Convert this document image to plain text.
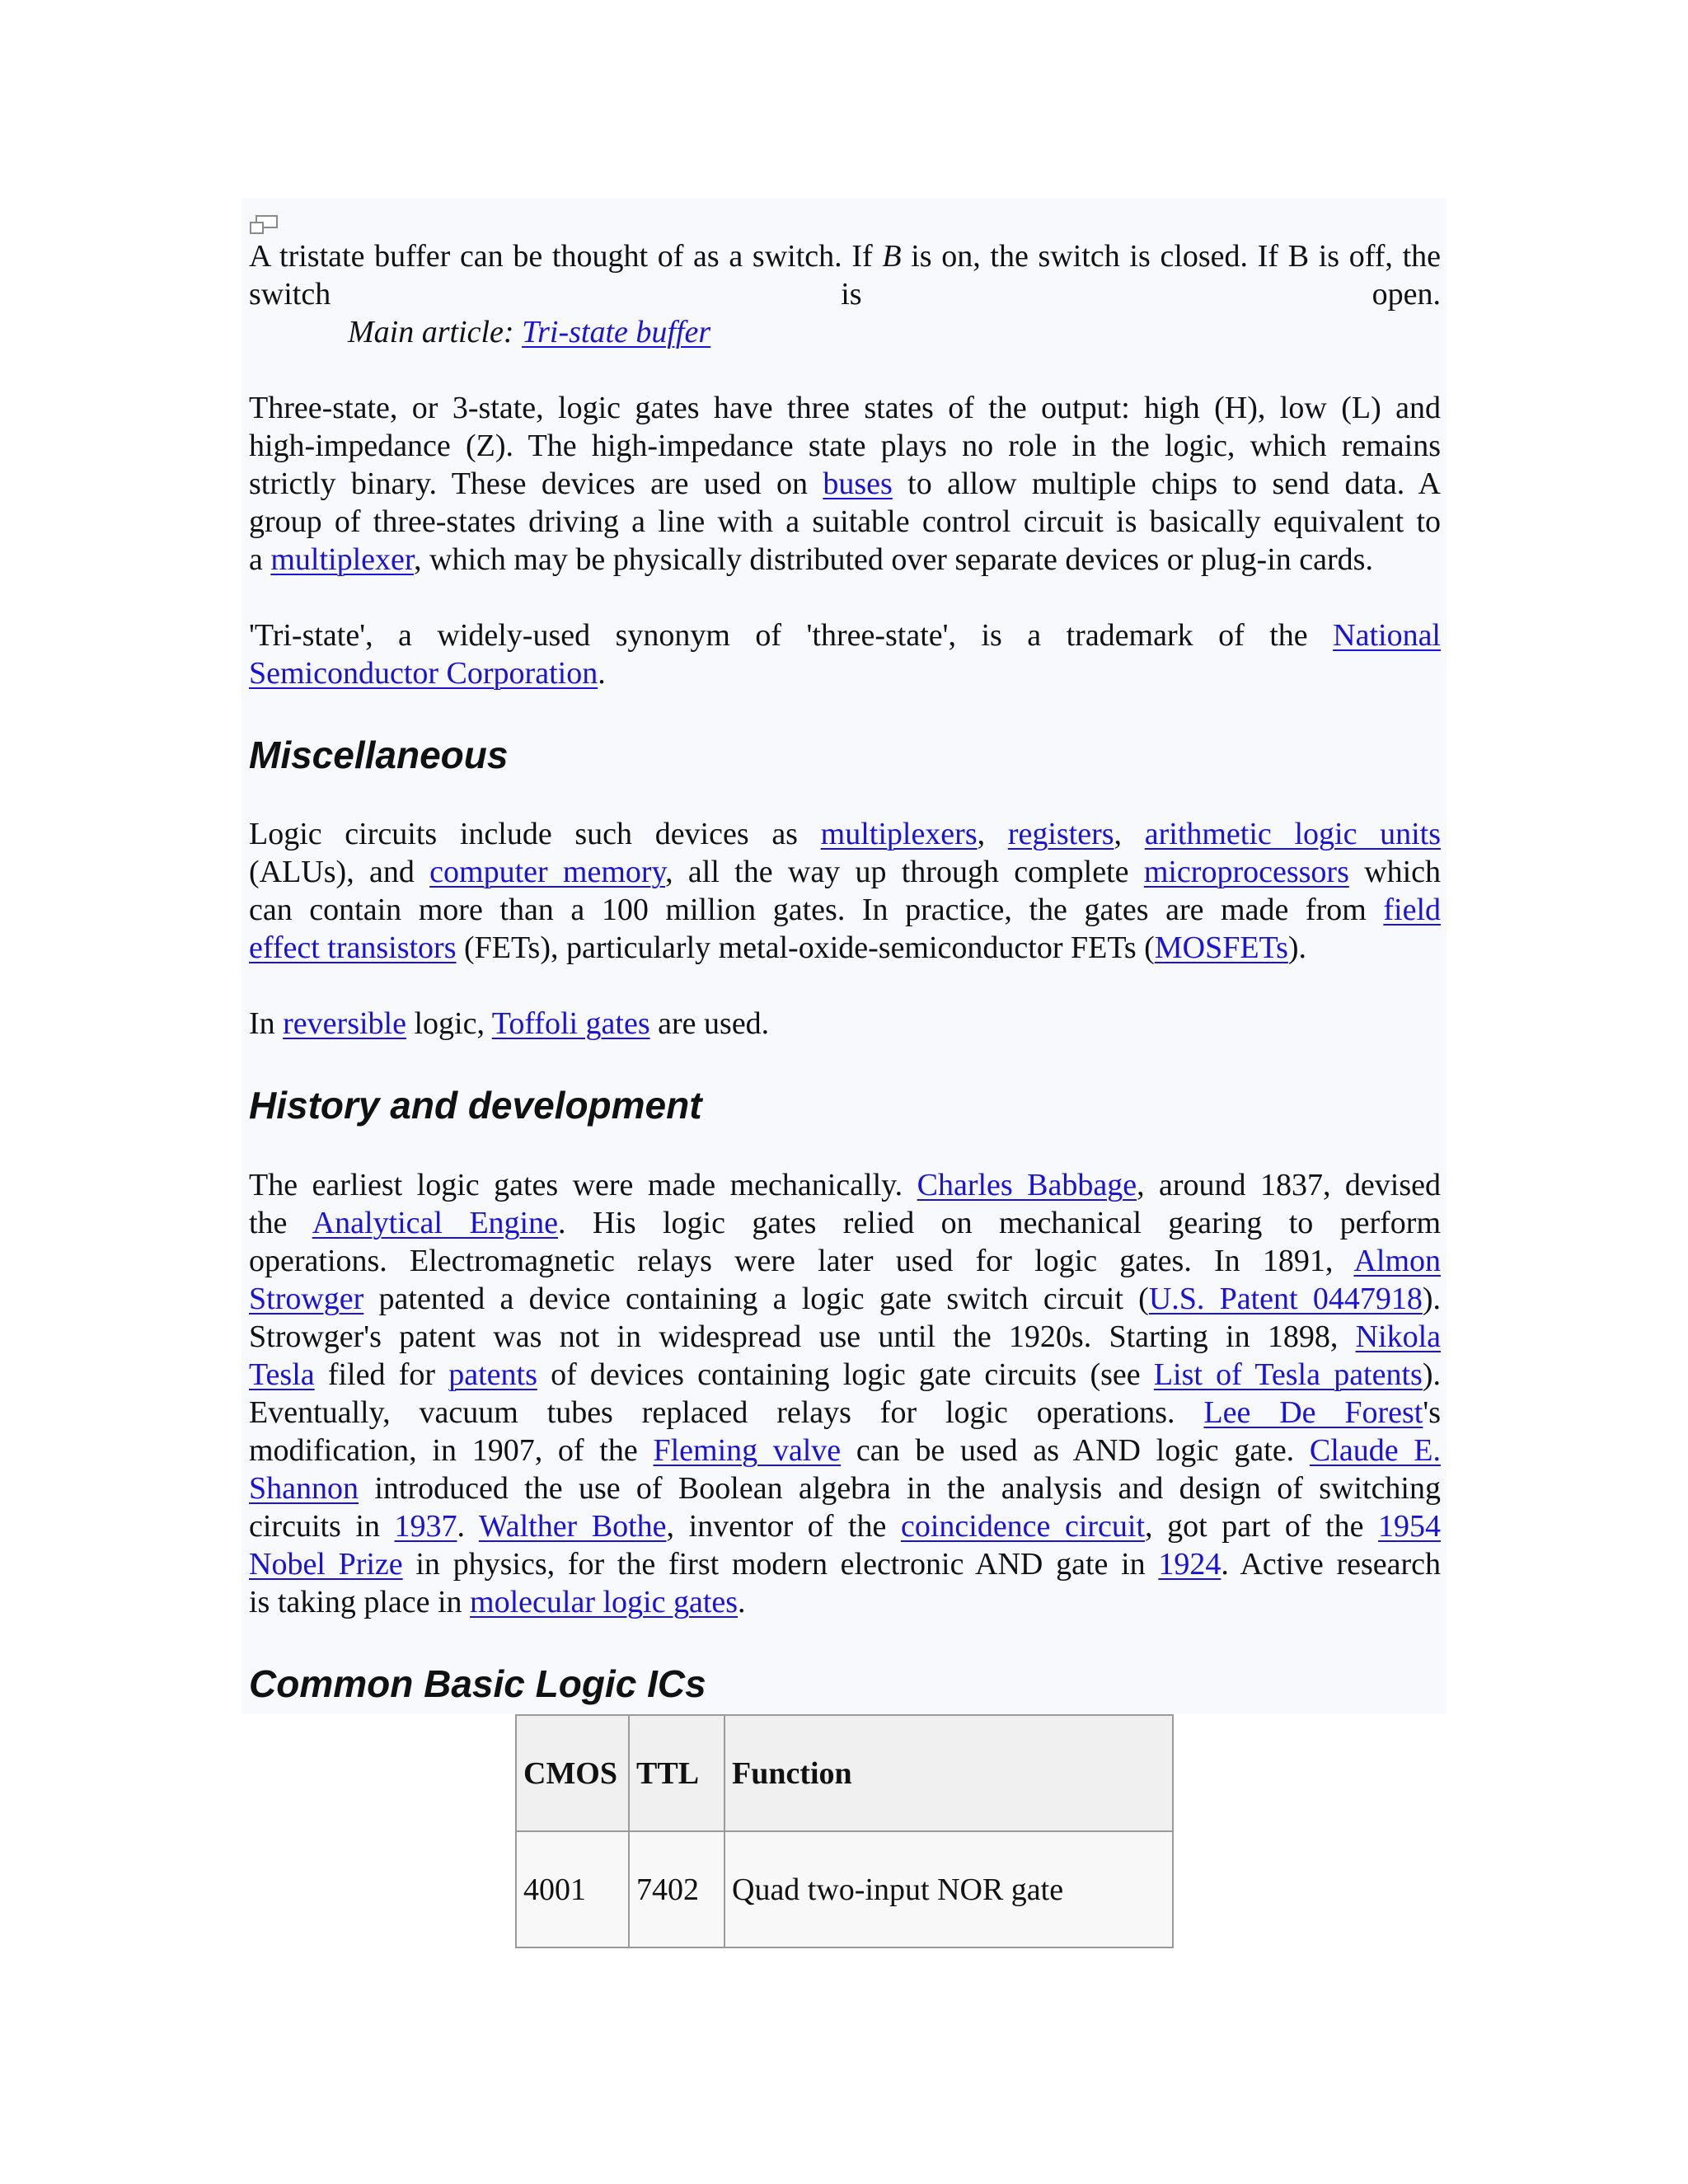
A tristate buffer can be thought of as a switch. If B is on, the switch is closed. If B is off, the switch is open.

Main article: Tri-state buffer

Three-state, or 3-state, logic gates have three states of the output: high (H), low (L) and
high-impedance (Z). The high-impedance state plays no role in the logic, which remains
strictly binary. These devices are used on buses to allow multiple chips to send data. A
group of three-states driving a line with a suitable control circuit is basically equivalent to
a multiplexer, which may be physically distributed over separate devices or plug-in cards.
'Tri-state', a widely-used synonym of 'three-state', is a trademark of the National
Semiconductor Corporation.
Miscellaneous
Logic circuits include such devices as multiplexers, registers, arithmetic logic units
(ALUs), and computer memory, all the way up through complete microprocessors which
can contain more than a 100 million gates. In practice, the gates are made from field
effect transistors (FETs), particularly metal-oxide-semiconductor FETs (MOSFETs).

In reversible logic, Toffoli gates are used.

History and development
The earliest logic gates were made mechanically. Charles Babbage, around 1837, devised
the Analytical Engine. His logic gates relied on mechanical gearing to perform
operations. Electromagnetic relays were later used for logic gates. In 1891, Almon
Strowger patented a device containing a logic gate switch circuit (U.S. Patent 0447918).
Strowger's patent was not in widespread use until the 1920s. Starting in 1898, Nikola
Tesla filed for patents of devices containing logic gate circuits (see List of Tesla patents).
Eventually, vacuum tubes replaced relays for logic operations. Lee De Forest's
modification, in 1907, of the Fleming valve can be used as AND logic gate. Claude E.
Shannon introduced the use of Boolean algebra in the analysis and design of switching
circuits in 1937. Walther Bothe, inventor of the coincidence circuit, got part of the 1954
Nobel Prize in physics, for the first modern electronic AND gate in 1924. Active research
is taking place in molecular logic gates.
Common Basic Logic ICs
CMOS	TTL	Function
4001	7402	Quad two-input NOR gate
